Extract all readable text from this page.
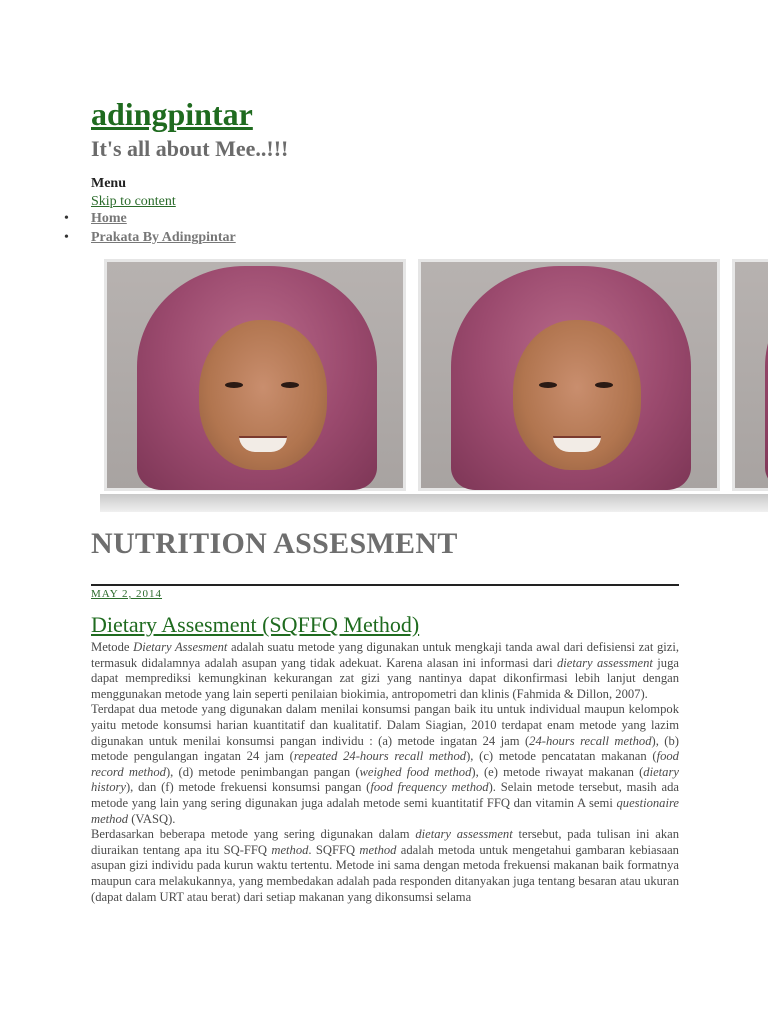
adingpintar

It's all about Mee..!!!

Menu
Skip to content
• Home
• Prakata By Adingpintar
NUTRITION ASSESMENT
MAY 2, 2014
Dietary Assesment (SQFFQ Method)

Metode Dietary Assesment adalah suatu metode yang digunakan untuk mengkaji tanda awal dari defisiensi zat gizi, termasuk didalamnya adalah asupan yang tidak adekuat. Karena alasan ini informasi dari dietary assessment juga dapat memprediksi kemungkinan kekurangan zat gizi yang nantinya dapat dikonfirmasi lebih lanjut dengan menggunakan metode yang lain seperti penilaian biokimia, antropometri dan klinis (Fahmida & Dillon, 2007).

Terdapat dua metode yang digunakan dalam menilai konsumsi pangan baik itu untuk individual maupun kelompok yaitu metode konsumsi harian kuantitatif dan kualitatif. Dalam Siagian, 2010 terdapat enam metode yang lazim digunakan untuk menilai konsumsi pangan individu : (a) metode ingatan 24 jam (24-hours recall method), (b) metode pengulangan ingatan 24 jam (repeated 24-hours recall method), (c) metode pencatatan makanan (food record method), (d) metode penimbangan pangan (weighed food method), (e) metode riwayat makanan (dietary history), dan (f) metode frekuensi konsumsi pangan (food frequency method). Selain metode tersebut, masih ada metode yang lain yang sering digunakan juga adalah metode semi kuantitatif FFQ dan vitamin A semi questionaire method (VASQ).

Berdasarkan beberapa metode yang sering digunakan dalam dietary assessment tersebut, pada tulisan ini akan diuraikan tentang apa itu SQ-FFQ method. SQFFQ method adalah metoda untuk mengetahui gambaran kebiasaan asupan gizi individu pada kurun waktu tertentu. Metode ini sama dengan metoda frekuensi makanan baik formatnya maupun cara melakukannya, yang membedakan adalah pada responden ditanyakan juga tentang besaran atau ukuran (dapat dalam URT atau berat) dari setiap makanan yang dikonsumsi selama
